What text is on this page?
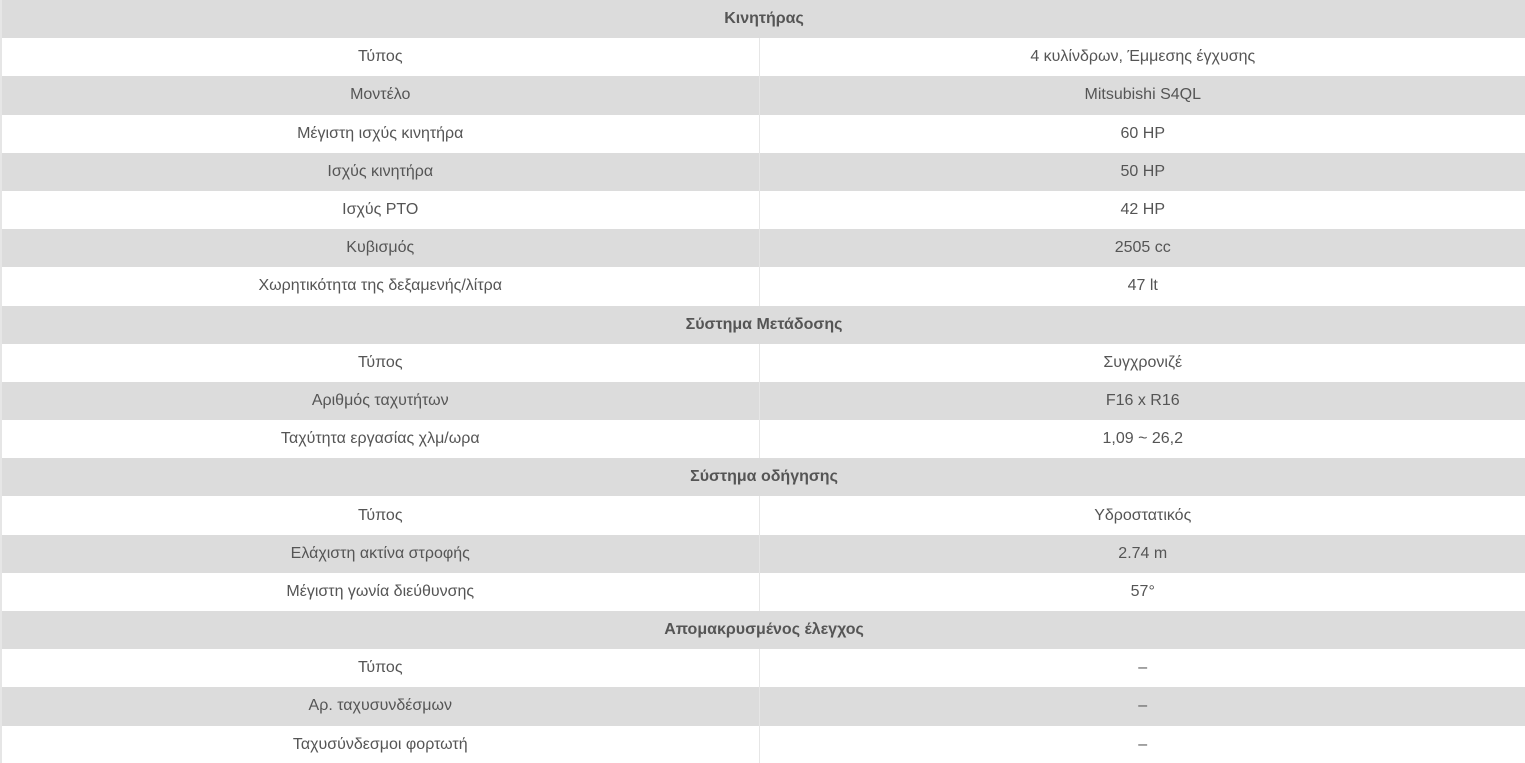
Κινητήρας	
Τύπος	4 κυλίνδρων, Έμμεσης έγχυσης
Μοντέλο	Mitsubishi S4QL
Μέγιστη ισχύς κινητήρα	60 HP
Ισχύς κινητήρα	50 HP
Ισχύς PTO	42 HP
Κυβισμός	2505 cc
Χωρητικότητα της δεξαμενής/λίτρα	47 lt
Σύστημα Μετάδοσης	
Τύπος	Συγχρονιζέ
Αριθμός ταχυτήτων	F16 x R16
Ταχύτητα εργασίας χλμ/ωρα	1,09 ~ 26,2
Σύστημα οδήγησης	
Τύπος	Υδροστατικός
Ελάχιστη ακτίνα στροφής	2.74 m
Μέγιστη γωνία διεύθυνσης	57°
Απομακρυσμένος έλεγχος	
Τύπος	–
Αρ. ταχυσυνδέσμων	–
Ταχυσύνδεσμοι φορτωτή	–
